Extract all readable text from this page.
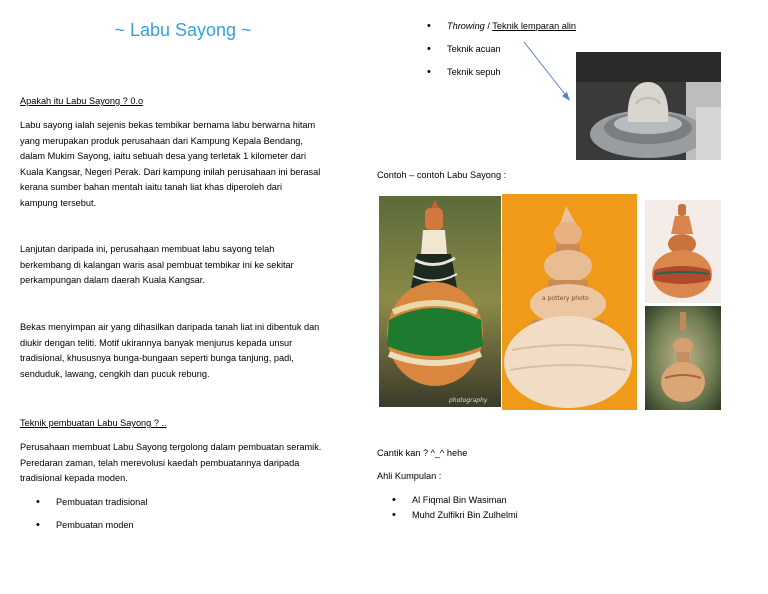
~ Labu Sayong ~
Apakah itu Labu Sayong ? 0.o
Labu sayong ialah sejenis bekas tembikar bernama labu berwarna hitam
yang merupakan produk perusahaan dari Kampung Kepala Bendang,
dalam Mukim Sayong, iaitu sebuah desa yang terletak 1 kilometer dari
Kuala Kangsar, Negeri Perak. Dari kampung inilah perusahaan ini berasal
kerana sumber bahan mentah iaitu tanah liat khas diperoleh dari
kampung tersebut.
Lanjutan daripada ini, perusahaan membuat labu sayong telah
berkembang di kalangan waris asal pembuat tembikar ini ke sekitar
perkampungan dalam daerah Kuala Kangsar.
Bekas menyimpan air yang dihasilkan daripada tanah liat ini dibentuk dan
diukir dengan teliti. Motif ukirannya banyak menjurus kepada unsur
tradisional, khususnya bunga-bungaan seperti bunga tanjung, padi,
senduduk, lawang, cengkih dan pucuk rebung.
Teknik pembuatan Labu Sayong ? ..
Perusahaan membuat Labu Sayong tergolong dalam pembuatan seramik.
Peredaran zaman, telah merevolusi kaedah pembuatannya daripada
tradisional kepada moden.
• Pembuatan tradisional
• Pembuatan moden
• Throwing / Teknik lemparan alin
• Teknik acuan
• Teknik sepuh
Contoh – contoh Labu Sayong :
photography
a pottery photo
Cantik kan ? ^_^ hehe
Ahli Kumpulan :
• Al Fiqmal Bin Wasiman
• Muhd Zulfikri Bin Zulhelmi
